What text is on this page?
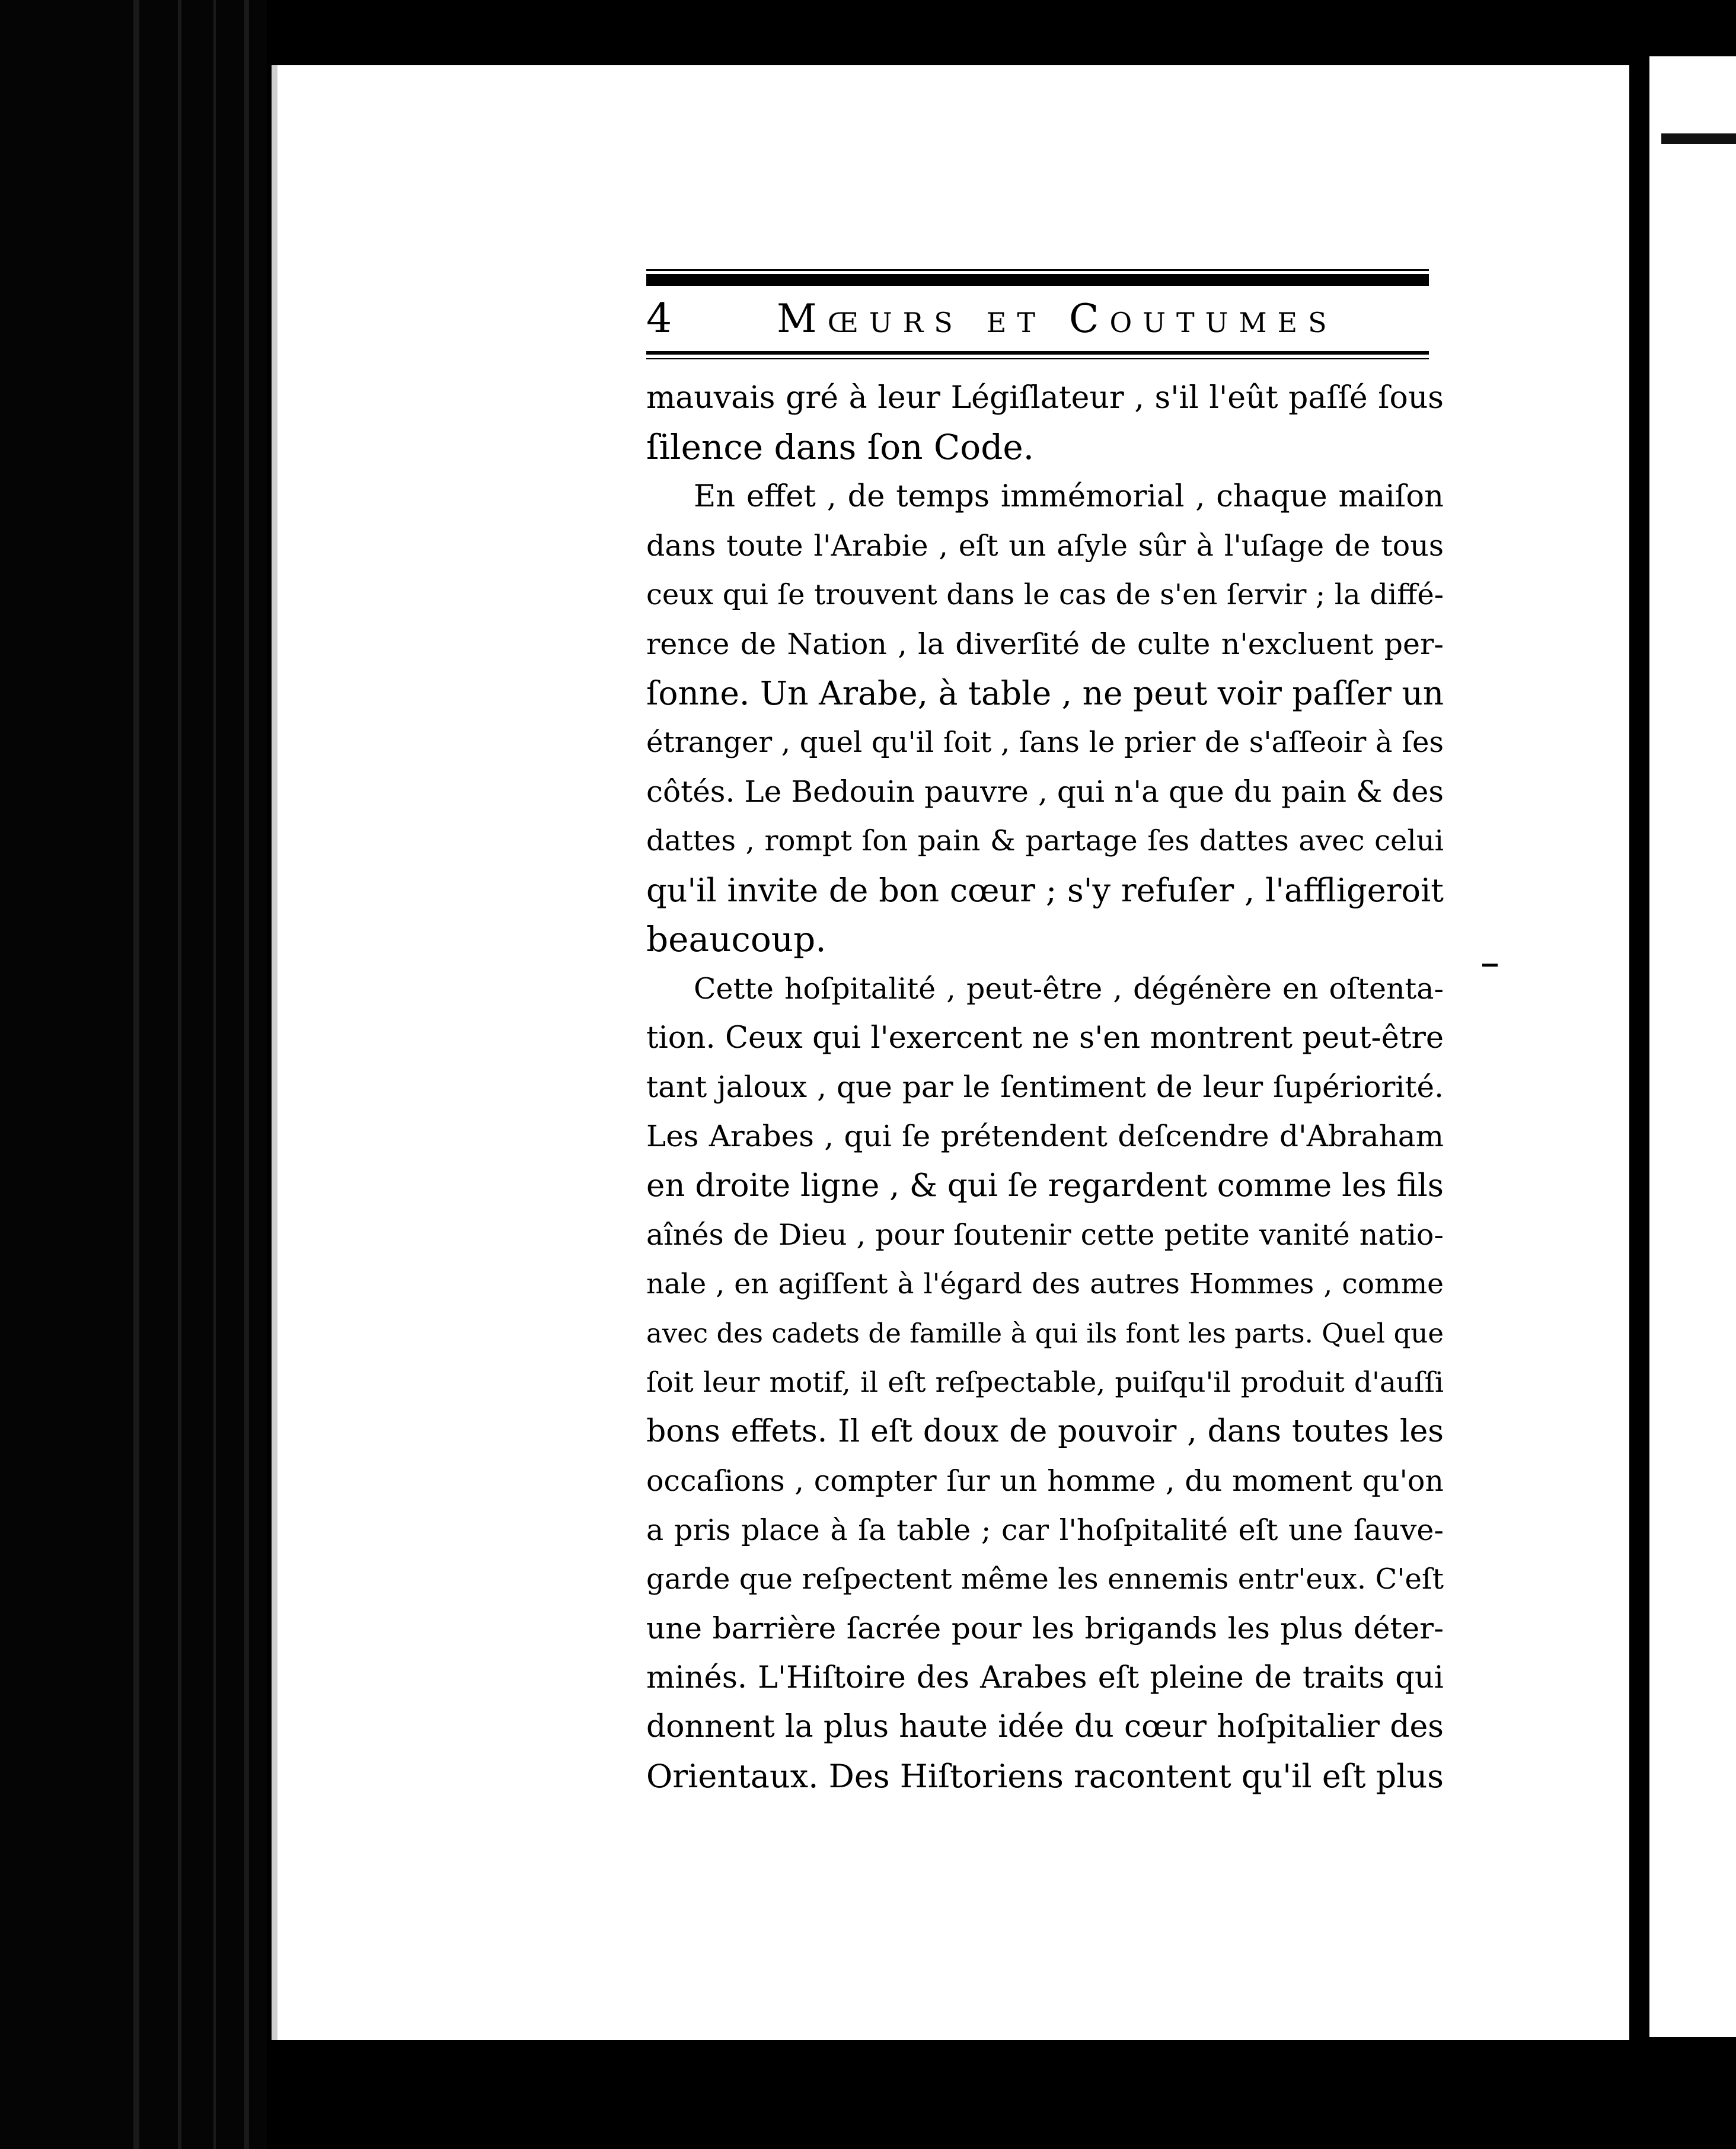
4	Mœurs et Coutumes
mauvais gré à leur Légiſlateur , s'il l'eût paſſé ſous
ſilence dans ſon Code.
En effet , de temps immémorial , chaque maiſon
dans toute l'Arabie , eſt un aſyle sûr à l'uſage de tous
ceux qui ſe trouvent dans le cas de s'en ſervir ; la diffé-
rence de Nation , la diverſité de culte n'excluent per-
ſonne. Un Arabe, à table , ne peut voir paſſer un
étranger , quel qu'il ſoit , ſans le prier de s'aſſeoir à ſes
côtés. Le Bedouin pauvre , qui n'a que du pain & des
dattes , rompt ſon pain & partage ſes dattes avec celui
qu'il invite de bon cœur ; s'y refuſer , l'affligeroit
beaucoup.
Cette hoſpitalité , peut-être , dégénère en oſtenta-
tion. Ceux qui l'exercent ne s'en montrent peut-être
tant jaloux , que par le ſentiment de leur ſupériorité.
Les Arabes , qui ſe prétendent deſcendre d'Abraham
en droite ligne , & qui ſe regardent comme les fils
aînés de Dieu , pour ſoutenir cette petite vanité natio-
nale , en agiſſent à l'égard des autres Hommes , comme
avec des cadets de famille à qui ils font les parts. Quel que
ſoit leur motif, il eſt reſpectable, puiſqu'il produit d'auſſi
bons effets. Il eſt doux de pouvoir , dans toutes les
occaſions , compter ſur un homme , du moment qu'on
a pris place à ſa table ; car l'hoſpitalité eſt une ſauve-
garde que reſpectent même les ennemis entr'eux. C'eſt
une barrière ſacrée pour les brigands les plus déter-
minés. L'Hiſtoire des Arabes eſt pleine de traits qui
donnent la plus haute idée du cœur hoſpitalier des
Orientaux. Des Hiſtoriens racontent qu'il eſt plus
